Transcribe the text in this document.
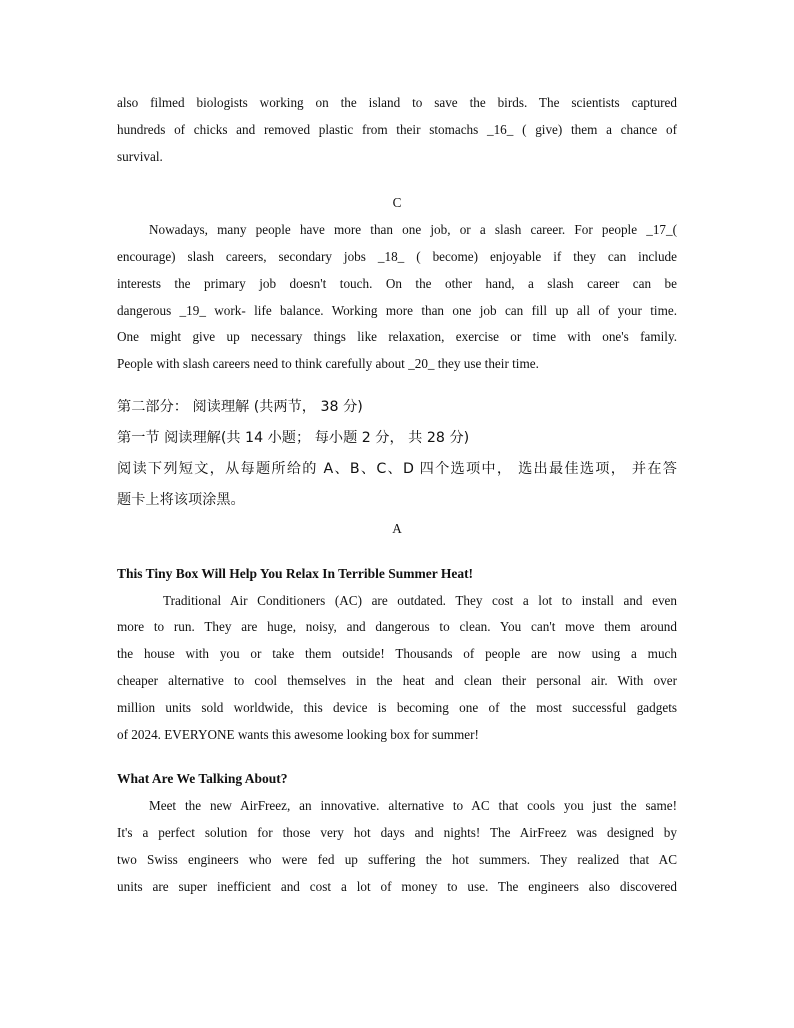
also filmed biologists working on the island to save the birds. The scientists captured

hundreds of chicks and removed plastic from their stomachs _16_ ( give) them a chance of

survival.

C

Nowadays, many people have more than one job, or a slash career. For people _17_(

encourage) slash careers, secondary jobs _18_ ( become) enjoyable if they can include

interests the primary job doesn't touch. On the other hand, a slash career can be

dangerous _19_ work- life balance. Working more than one job can fill up all of your time.

One might give up necessary things like relaxation, exercise or time with one's family.

People with slash careers need to think carefully about _20_ they use their time.

第二部分： 阅读理解 (共两节， 38 分)

第一节 阅读理解(共 14 小题； 每小题 2 分， 共 28 分)

阅读下列短文，从每题所给的 A、B、C、D 四个选项中， 选出最佳选项， 并在答

题卡上将该项涂黑。

A

This Tiny Box Will Help You Relax In Terrible Summer Heat!

Traditional Air Conditioners (AC) are outdated. They cost a lot to install and even

more to run. They are huge, noisy, and dangerous to clean. You can't move them around

the house with you or take them outside! Thousands of people are now using a much

cheaper alternative to cool themselves in the heat and clean their personal air. With over

million units sold worldwide, this device is becoming one of the most successful gadgets

of 2024. EVERYONE wants this awesome looking box for summer!

What Are We Talking About?

Meet the new AirFreez, an innovative. alternative to AC that cools you just the same!

It's a perfect solution for those very hot days and nights! The AirFreez was designed by

two Swiss engineers who were fed up suffering the hot summers. They realized that AC

units are super inefficient and cost a lot of money to use. The engineers also discovered
